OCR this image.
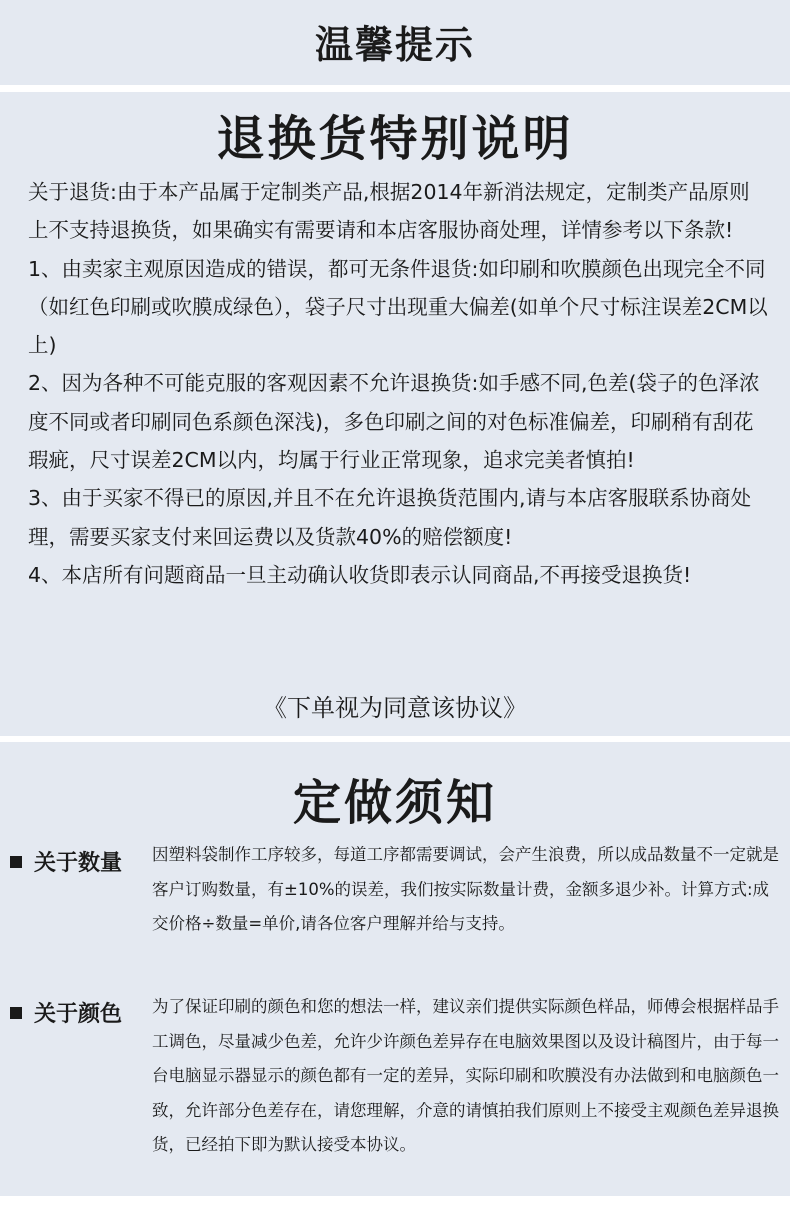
温馨提示
退换货特别说明

关于退货:由于本产品属于定制类产品,根据2014年新消法规定，定制类产品原则上不支持退换货，如果确实有需要请和本店客服协商处理，详情参考以下条款!

1、由卖家主观原因造成的错误，都可无条件退货:如印刷和吹膜颜色出现完全不同（如红色印刷或吹膜成绿色），袋子尺寸出现重大偏差(如单个尺寸标注误差2CM以上)

2、因为各种不可能克服的客观因素不允许退换货:如手感不同,色差(袋子的色泽浓度不同或者印刷同色系颜色深浅)，多色印刷之间的对色标准偏差，印刷稍有刮花瑕疵，尺寸误差2CM以内，均属于行业正常现象，追求完美者慎拍!

3、由于买家不得已的原因,并且不在允许退换货范围内,请与本店客服联系协商处理，需要买家支付来回运费以及货款40%的赔偿额度!

4、本店所有问题商品一旦主动确认收货即表示认同商品,不再接受退换货!

《下单视为同意该协议》
定做须知
关于数量 因塑料袋制作工序较多，每道工序都需要调试，会产生浪费，所以成品数量不一定就是客户订购数量，有±10%的误差，我们按实际数量计费，金额多退少补。计算方式:成交价格÷数量=单价,请各位客户理解并给与支持。
关于颜色 为了保证印刷的颜色和您的想法一样，建议亲们提供实际颜色样品，师傅会根据样品手工调色，尽量减少色差，允许少许颜色差异存在电脑效果图以及设计稿图片，由于每一台电脑显示器显示的颜色都有一定的差异，实际印刷和吹膜没有办法做到和电脑颜色一致，允许部分色差存在，请您理解，介意的请慎拍我们原则上不接受主观颜色差异退换货，已经拍下即为默认接受本协议。
